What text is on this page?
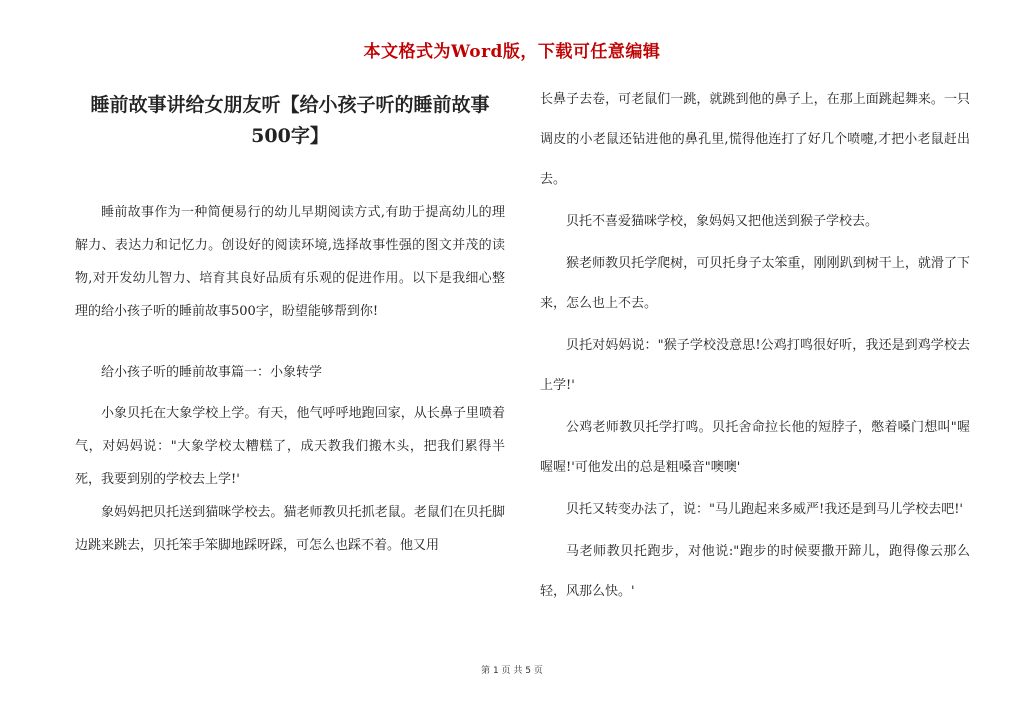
本文格式为Word版，下载可任意编辑
睡前故事讲给女朋友听【给小孩子听的睡前故事500字】

睡前故事作为一种简便易行的幼儿早期阅读方式,有助于提高幼儿的理解力、表达力和记忆力。创设好的阅读环境,选择故事性强的图文并茂的读物,对开发幼儿智力、培育其良好品质有乐观的促进作用。以下是我细心整理的给小孩子听的睡前故事500字，盼望能够帮到你!

给小孩子听的睡前故事篇一：小象转学

小象贝托在大象学校上学。有天，他气呼呼地跑回家，从长鼻子里喷着气，对妈妈说："大象学校太糟糕了，成天教我们搬木头，把我们累得半死，我要到别的学校去上学!'

象妈妈把贝托送到猫咪学校去。猫老师教贝托抓老鼠。老鼠们在贝托脚边跳来跳去，贝托笨手笨脚地踩呀踩，可怎么也踩不着。他又用

长鼻子去卷，可老鼠们一跳，就跳到他的鼻子上，在那上面跳起舞来。一只调皮的小老鼠还钻进他的鼻孔里,慌得他连打了好几个喷嚏,才把小老鼠赶出去。

贝托不喜爱猫咪学校，象妈妈又把他送到猴子学校去。

猴老师教贝托学爬树，可贝托身子太笨重，刚刚趴到树干上，就滑了下来，怎么也上不去。

贝托对妈妈说："猴子学校没意思!公鸡打鸣很好听，我还是到鸡学校去上学!'

公鸡老师教贝托学打鸣。贝托舍命拉长他的短脖子，憋着嗓门想叫"喔喔喔!'可他发出的总是粗嗓音"噢噢'

贝托又转变办法了，说："马儿跑起来多威严!我还是到马儿学校去吧!'

马老师教贝托跑步，对他说:"跑步的时候要撒开蹄儿，跑得像云那么轻，风那么快。'

第 1 页 共 5 页
